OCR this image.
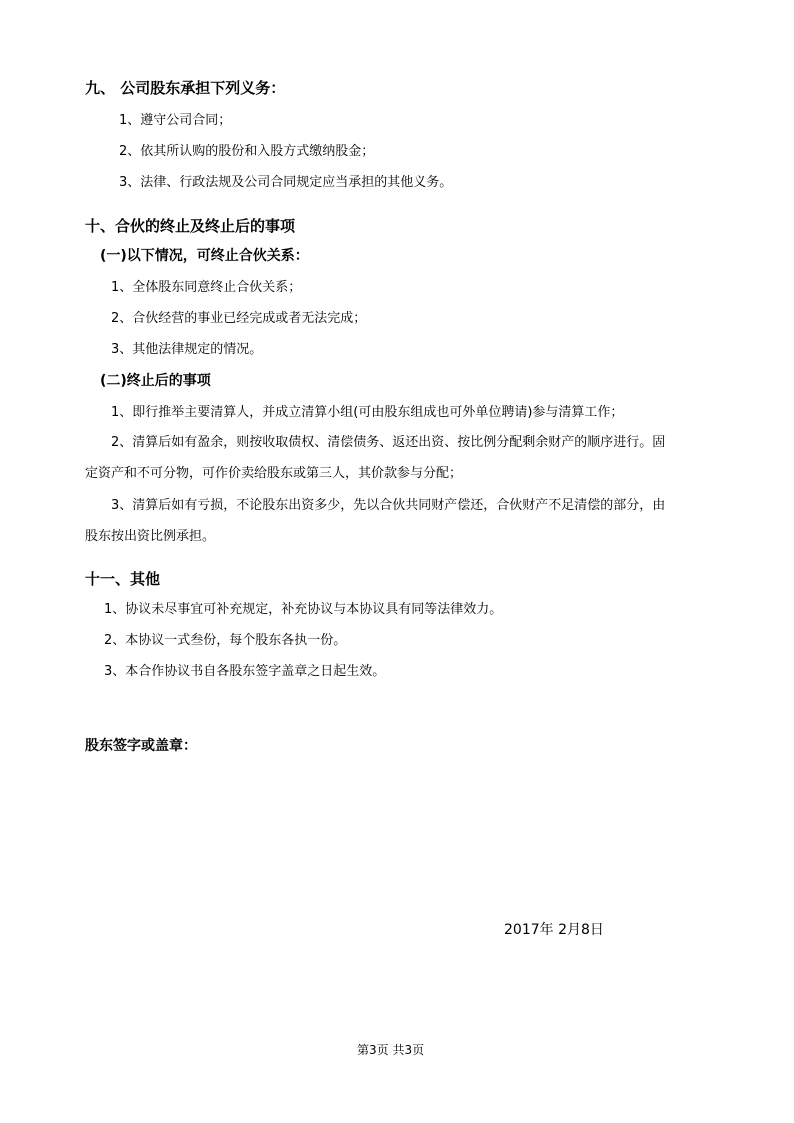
九、 公司股东承担下列义务：
1、遵守公司合同；
2、依其所认购的股份和入股方式缴纳股金；
3、法律、行政法规及公司合同规定应当承担的其他义务。
十、合伙的终止及终止后的事项
(一)以下情况，可终止合伙关系：
1、全体股东同意终止合伙关系；
2、合伙经营的事业已经完成或者无法完成；
3、其他法律规定的情况。
(二)终止后的事项
1、即行推举主要清算人，并成立清算小组(可由股东组成也可外单位聘请)参与清算工作；
2、清算后如有盈余，则按收取债权、清偿债务、返还出资、按比例分配剩余财产的顺序进行。固
定资产和不可分物，可作价卖给股东或第三人，其价款参与分配；
3、清算后如有亏损，不论股东出资多少，先以合伙共同财产偿还，合伙财产不足清偿的部分，由
股东按出资比例承担。
十一、其他
1、协议未尽事宜可补充规定，补充协议与本协议具有同等法律效力。
2、本协议一式叁份，每个股东各执一份。
3、本合作协议书自各股东签字盖章之日起生效。
股东签字或盖章：
2017年 2月8日
第3页 共3页
